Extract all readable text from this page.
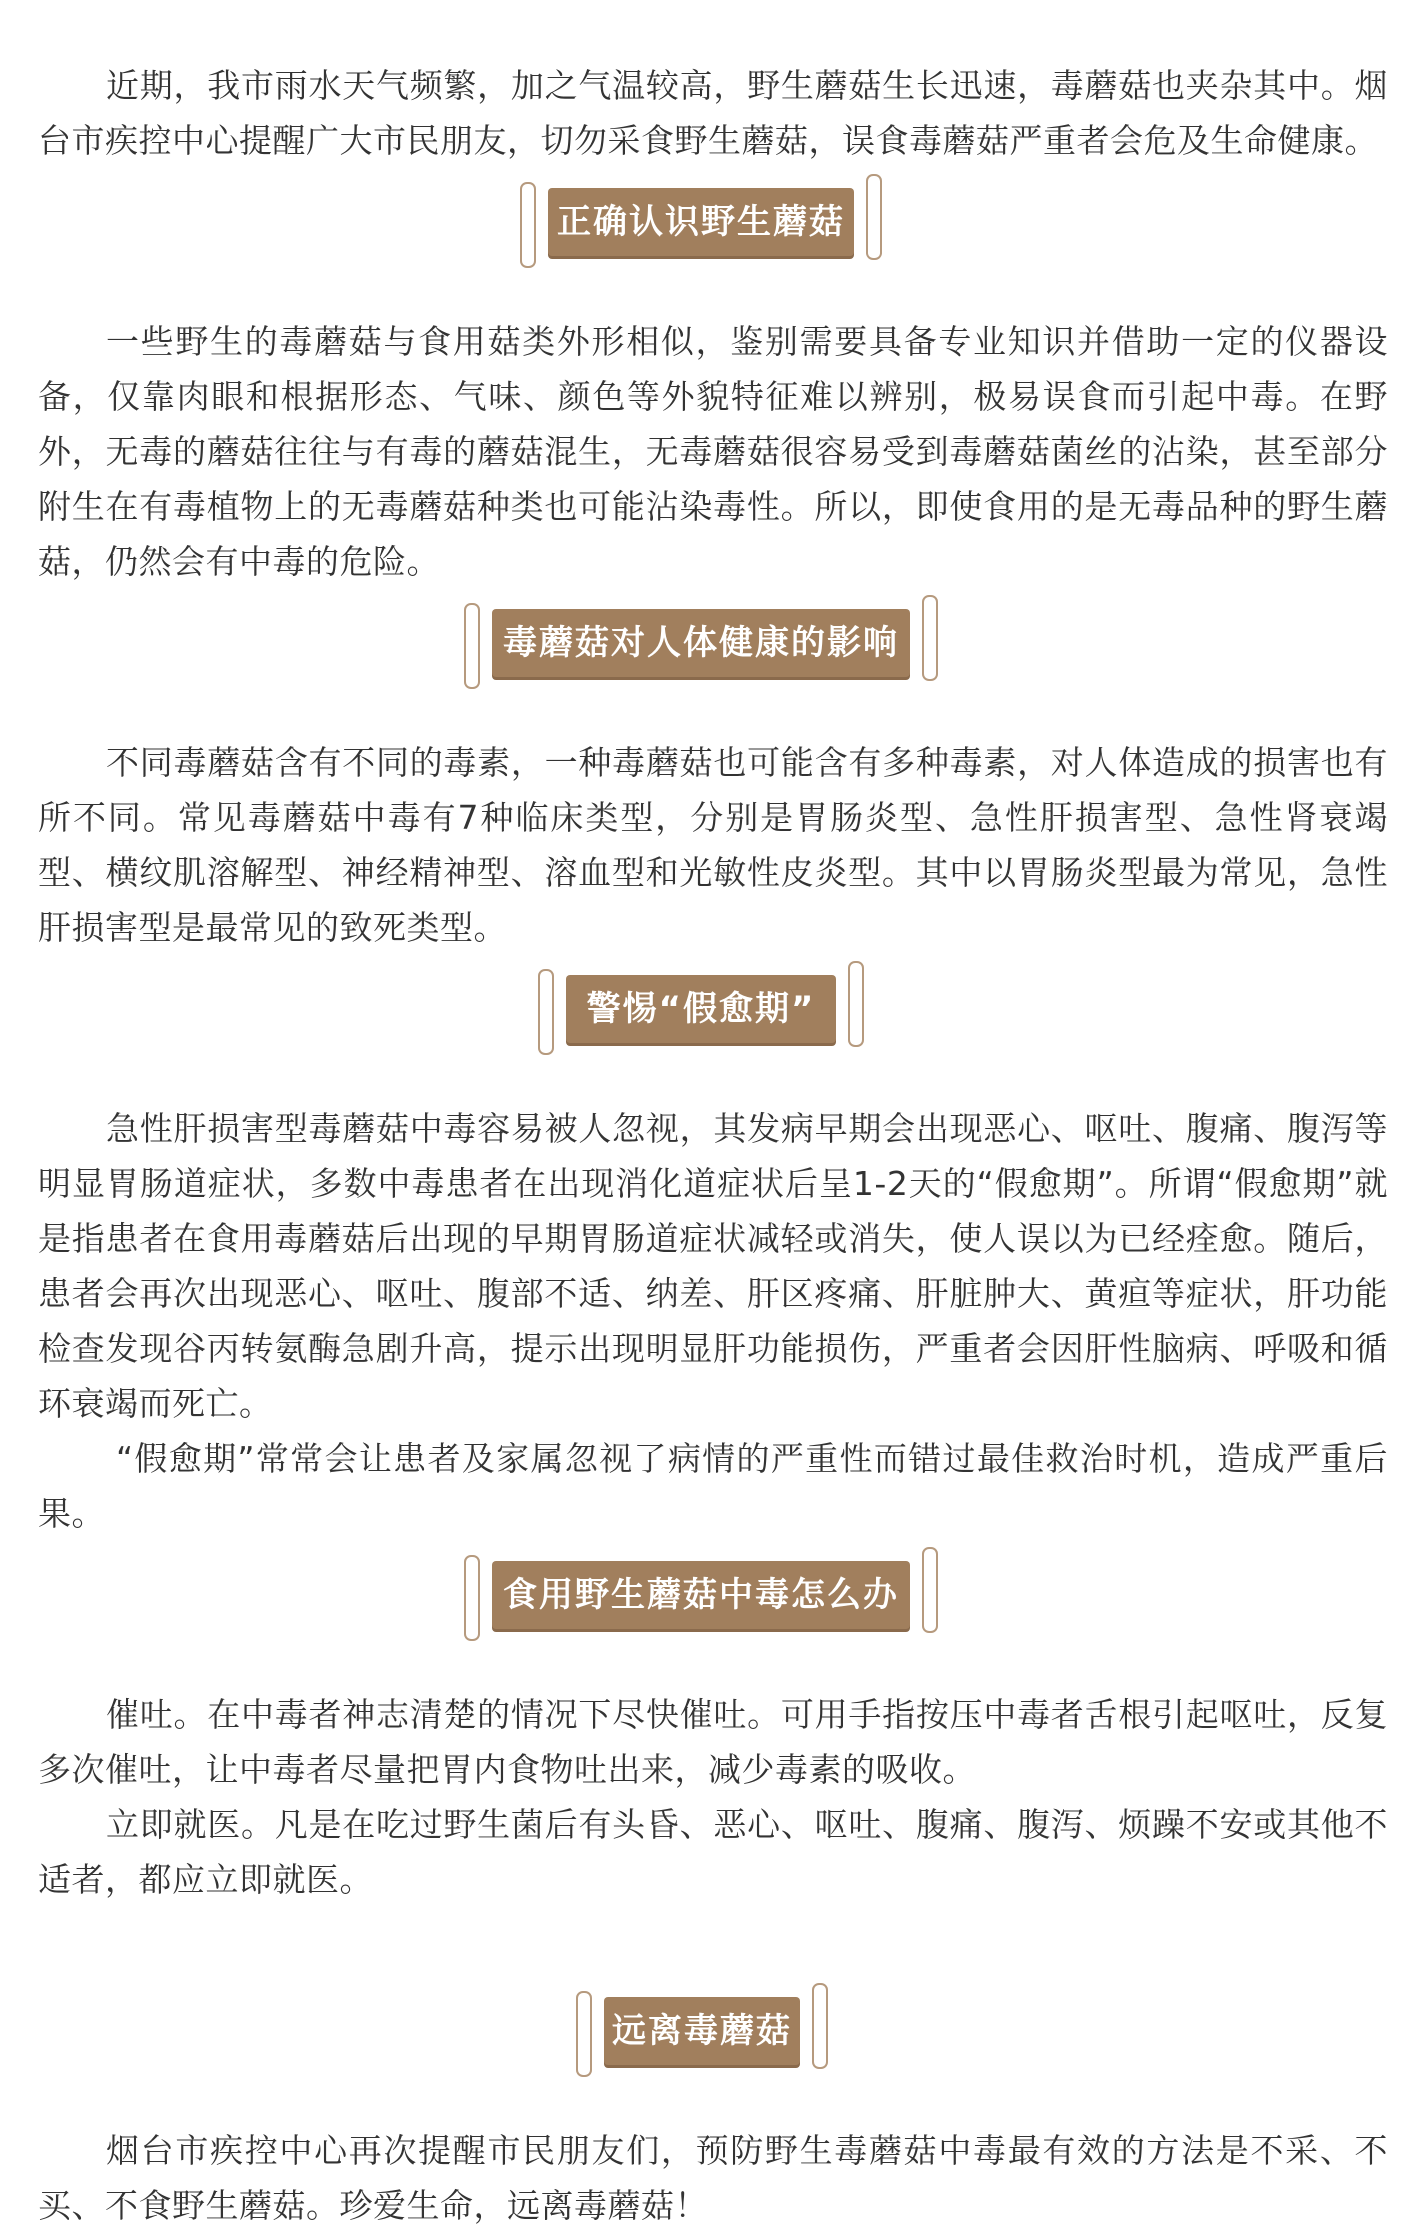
近期，我市雨水天气频繁，加之气温较高，野生蘑菇生长迅速，毒蘑菇也夹杂其中。烟台市疾控中心提醒广大市民朋友，切勿采食野生蘑菇，误食毒蘑菇严重者会危及生命健康。

正确认识野生蘑菇

一些野生的毒蘑菇与食用菇类外形相似，鉴别需要具备专业知识并借助一定的仪器设备，仅靠肉眼和根据形态、气味、颜色等外貌特征难以辨别，极易误食而引起中毒。在野外，无毒的蘑菇往往与有毒的蘑菇混生，无毒蘑菇很容易受到毒蘑菇菌丝的沾染，甚至部分附生在有毒植物上的无毒蘑菇种类也可能沾染毒性。所以，即使食用的是无毒品种的野生蘑菇，仍然会有中毒的危险。

毒蘑菇对人体健康的影响

不同毒蘑菇含有不同的毒素，一种毒蘑菇也可能含有多种毒素，对人体造成的损害也有所不同。常见毒蘑菇中毒有7种临床类型，分别是胃肠炎型、急性肝损害型、急性肾衰竭型、横纹肌溶解型、神经精神型、溶血型和光敏性皮炎型。其中以胃肠炎型最为常见，急性肝损害型是最常见的致死类型。

警惕“假愈期”

急性肝损害型毒蘑菇中毒容易被人忽视，其发病早期会出现恶心、呕吐、腹痛、腹泻等明显胃肠道症状，多数中毒患者在出现消化道症状后呈1-2天的“假愈期”。所谓“假愈期”就是指患者在食用毒蘑菇后出现的早期胃肠道症状减轻或消失，使人误以为已经痊愈。随后，患者会再次出现恶心、呕吐、腹部不适、纳差、肝区疼痛、肝脏肿大、黄疸等症状，肝功能检查发现谷丙转氨酶急剧升高，提示出现明显肝功能损伤，严重者会因肝性脑病、呼吸和循环衰竭而死亡。

“假愈期”常常会让患者及家属忽视了病情的严重性而错过最佳救治时机，造成严重后果。

食用野生蘑菇中毒怎么办

催吐。在中毒者神志清楚的情况下尽快催吐。可用手指按压中毒者舌根引起呕吐，反复多次催吐，让中毒者尽量把胃内食物吐出来，减少毒素的吸收。

立即就医。凡是在吃过野生菌后有头昏、恶心、呕吐、腹痛、腹泻、烦躁不安或其他不适者，都应立即就医。

远离毒蘑菇

烟台市疾控中心再次提醒市民朋友们，预防野生毒蘑菇中毒最有效的方法是不采、不买、不食野生蘑菇。珍爱生命，远离毒蘑菇！
